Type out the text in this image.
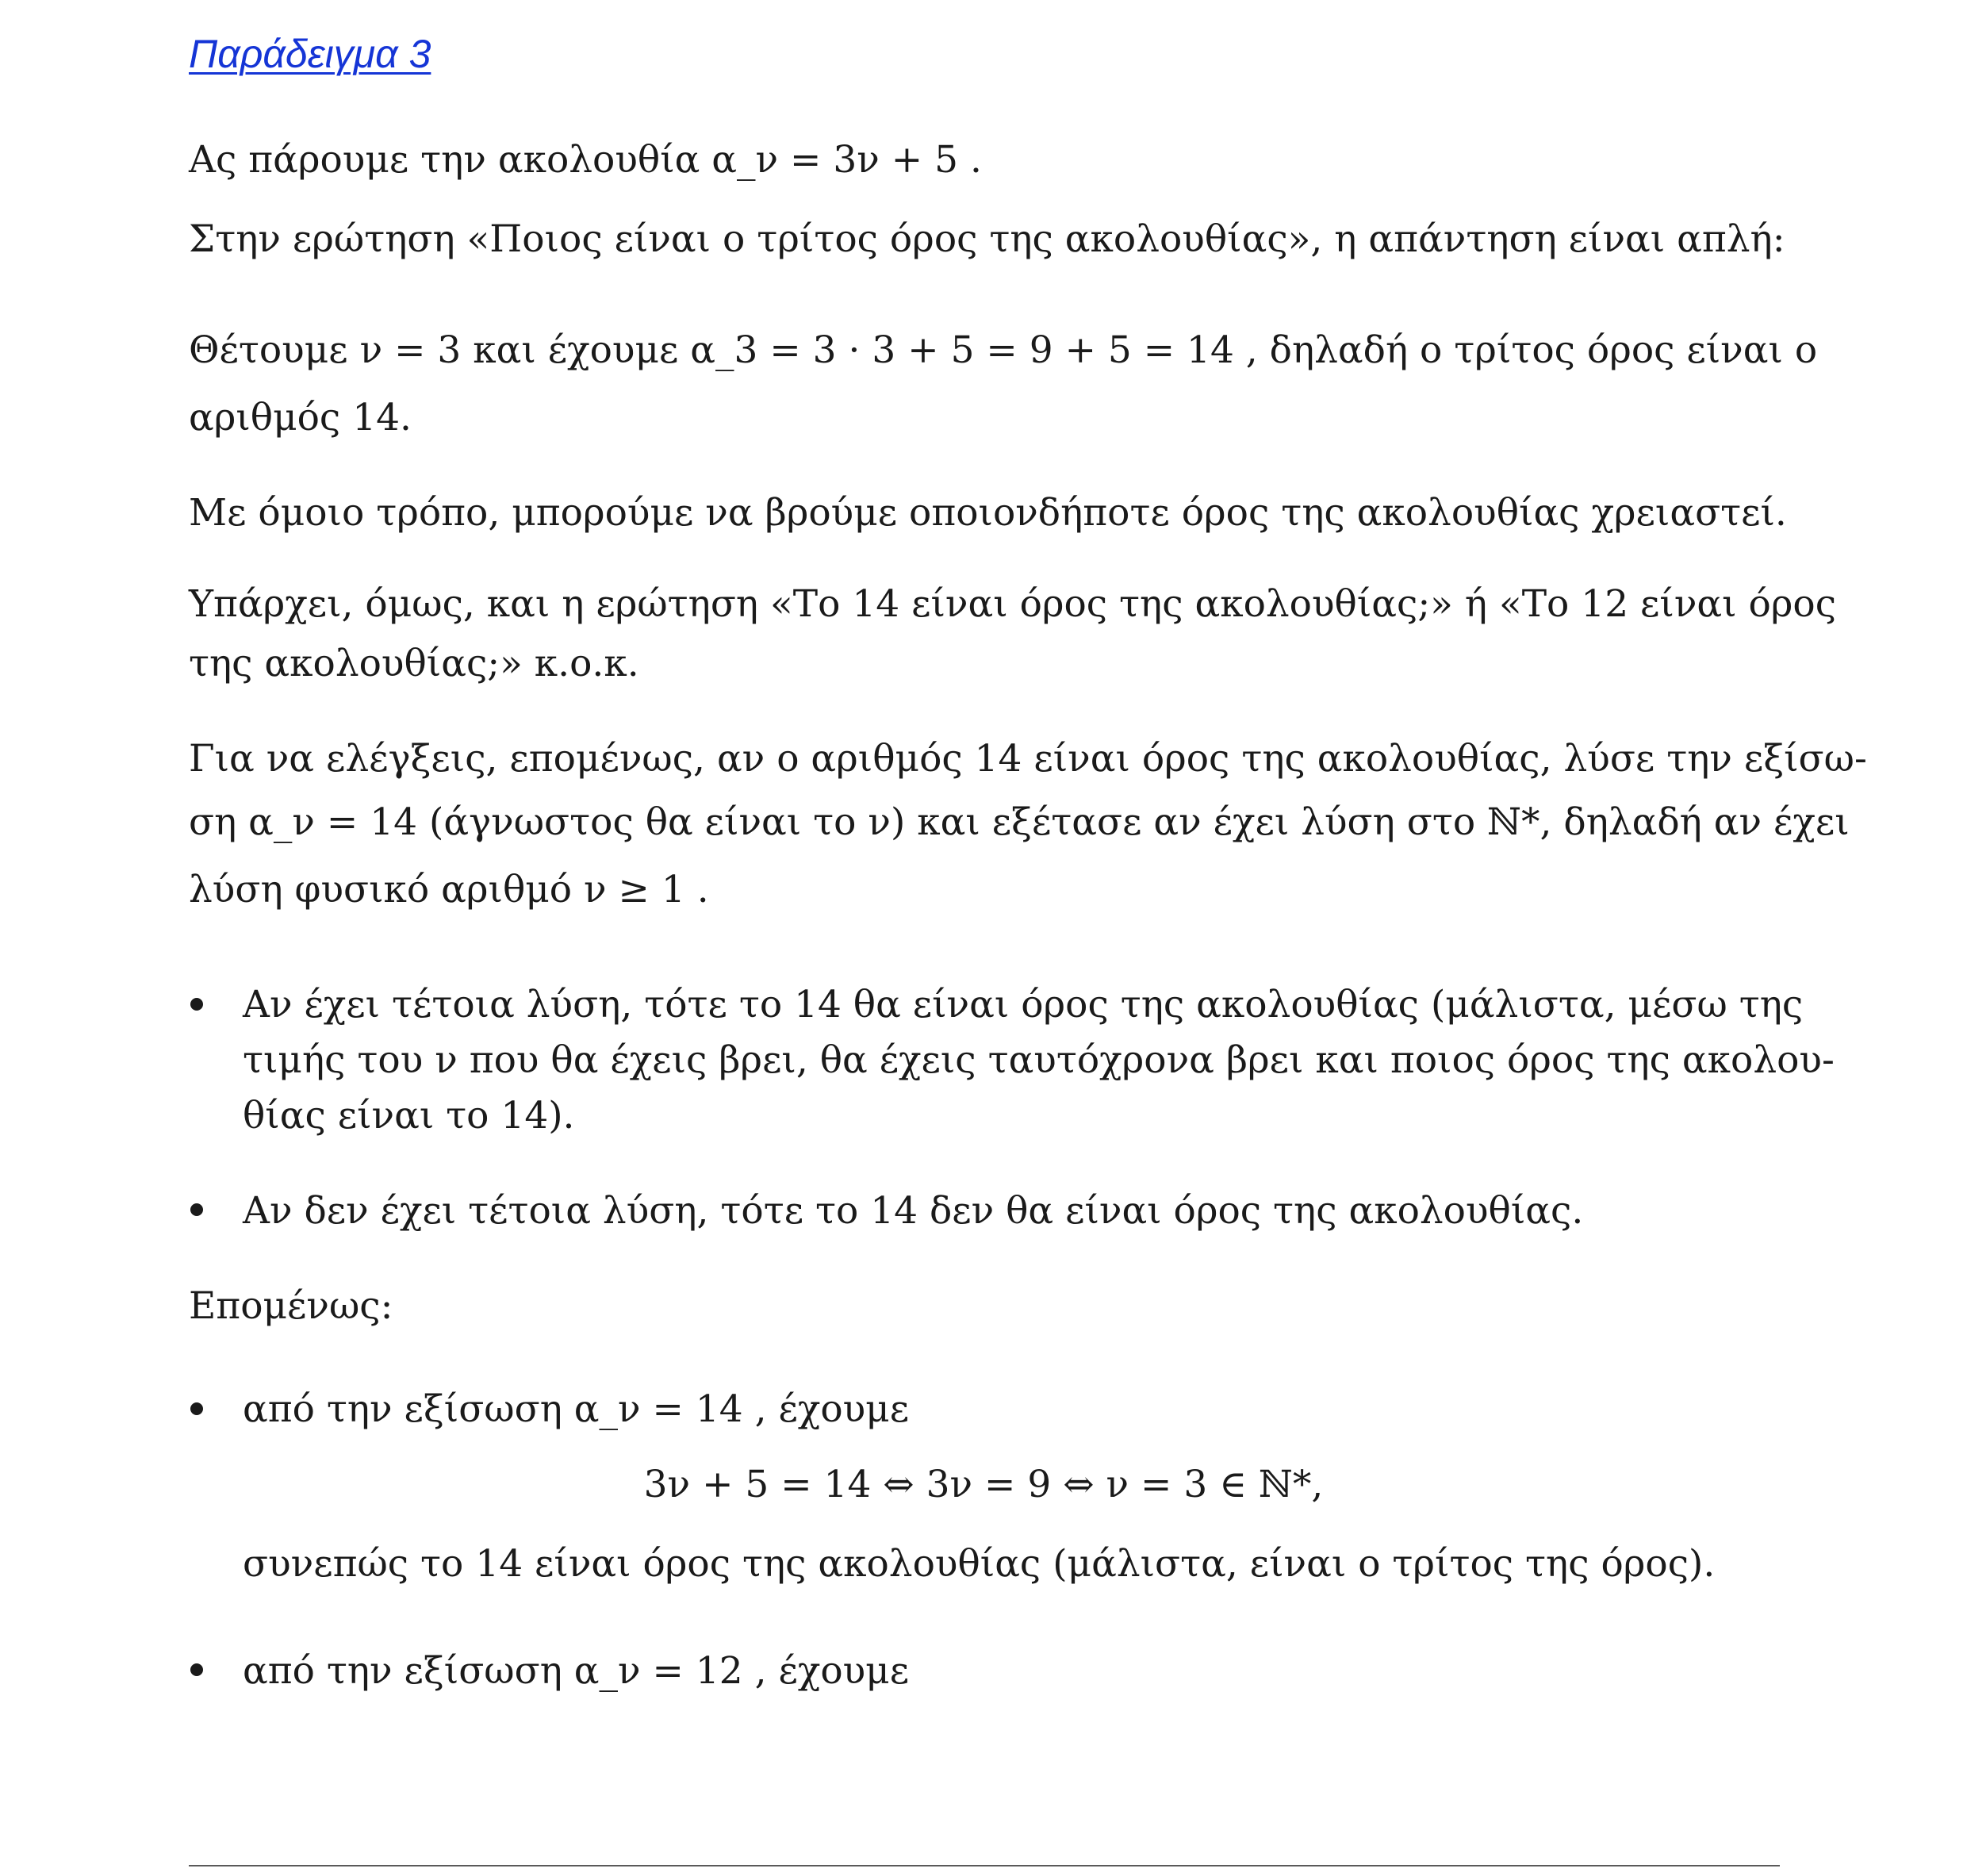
Παράδειγμα 3
Ας πάρουμε την ακολουθία α_ν = 3ν + 5 .
Στην ερώτηση «Ποιος είναι ο τρίτος όρος της ακολουθίας», η απάντηση είναι απλή:
Θέτουμε ν = 3 και έχουμε α_3 = 3 · 3 + 5 = 9 + 5 = 14 , δηλαδή ο τρίτος όρος είναι ο
αριθμός 14.
Με όμοιο τρόπο, μπορούμε να βρούμε οποιονδήποτε όρος της ακολουθίας χρειαστεί.
Υπάρχει, όμως, και η ερώτηση «Το 14 είναι όρος της ακολουθίας;» ή «Το 12 είναι όρος
της ακολουθίας;» κ.ο.κ.
Για να ελέγξεις, επομένως, αν ο αριθμός 14 είναι όρος της ακολουθίας, λύσε την εξίσω-
ση α_ν = 14 (άγνωστος θα είναι το ν) και εξέτασε αν έχει λύση στο ℕ*, δηλαδή αν έχει
λύση φυσικό αριθμό ν ≥ 1 .
Αν έχει τέτοια λύση, τότε το 14 θα είναι όρος της ακολουθίας (μάλιστα, μέσω της
τιμής του ν που θα έχεις βρει, θα έχεις ταυτόχρονα βρει και ποιος όρος της ακολου-
θίας είναι το 14).
Αν δεν έχει τέτοια λύση, τότε το 14 δεν θα είναι όρος της ακολουθίας.
Επομένως:
από την εξίσωση α_ν = 14 , έχουμε
3ν + 5 = 14 ⇔ 3ν = 9 ⇔ ν = 3 ∈ ℕ*,
συνεπώς το 14 είναι όρος της ακολουθίας (μάλιστα, είναι ο τρίτος της όρος).
από την εξίσωση α_ν = 12 , έχουμε
